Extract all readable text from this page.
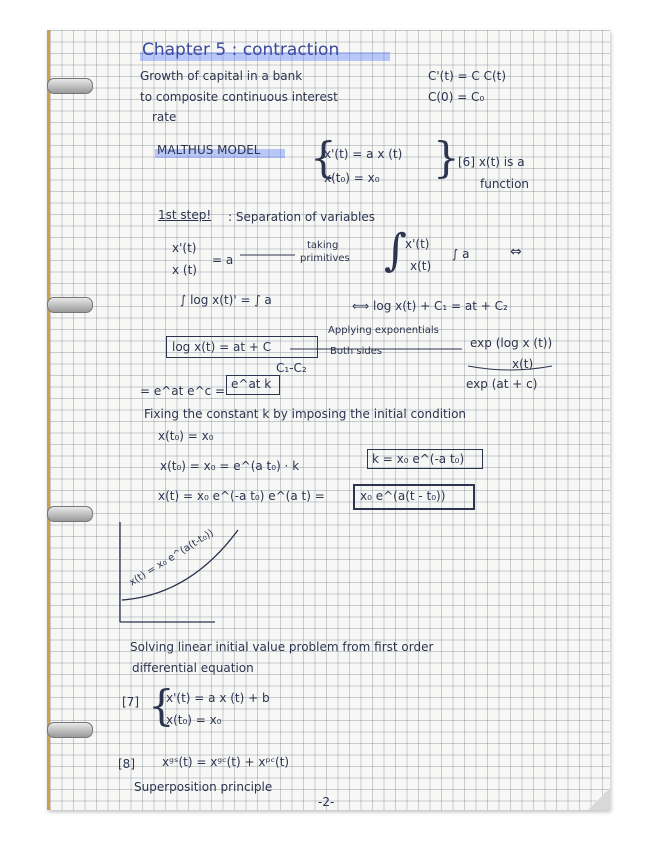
Chapter 5 : contraction
Growth of capital in a bank
to composite continuous interest
rate
C'(t) = C C(t)
C(0) = C₀
MALTHUS MODEL {
x'(t) = a x (t)
x(t₀) = x₀ }
[6] x(t) is a
function
1st step! : Separation of variables
x'(t)
x (t)
= a
taking
primitives ∫
x'(t)
x(t)
∫ a	⇔
∫ log x(t)' = ∫ a	⟺ log x(t) + C₁ = at + C₂
log x(t) = at + C
C₁-C₂
Applying exponentials
Both sides
exp (log x (t))
x(t)
exp (at + c)
= e^at e^c = e^at k
Fixing the constant k by imposing the initial condition
x(t₀) = x₀
x(t₀) = x₀ = e^(a t₀) · k	k = x₀ e^(-a t₀)
x(t) = x₀ e^(-a t₀) e^(a t) =	x₀ e^(a(t - t₀))
x(t) = x₀ e^(a(t-t₀))
Solving linear initial value problem from first order
differential equation
[7] {
x'(t) = a x (t) + b
x(t₀) = x₀
[8] xᵍˢ(t) = xᵍᶜ(t) + xᵖᶜ(t)
Superposition principle
-2-
